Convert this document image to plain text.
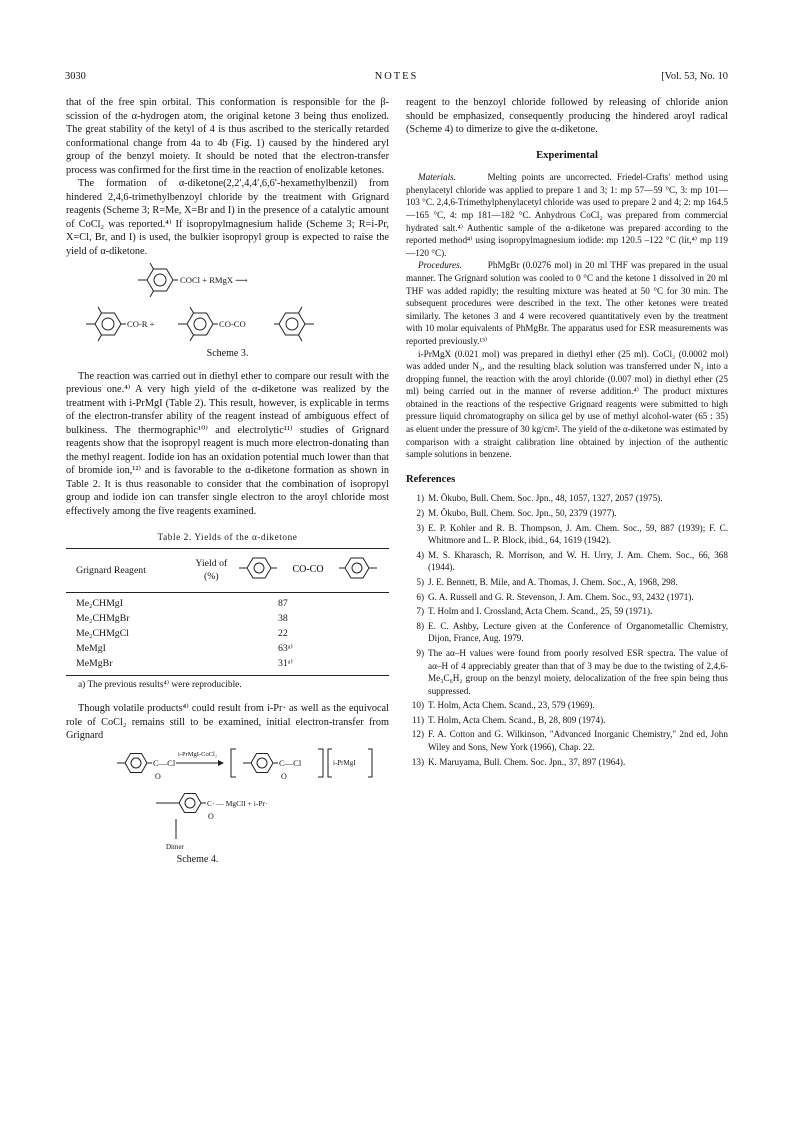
3030	NOTES	[Vol. 53, No. 10

that of the free spin orbital. This conformation is responsible for the β-scission of the α-hydrogen atom, the original ketone 3 being thus enolized. The great stability of the ketyl of 4 is thus ascribed to the sterically retarded conformational change from 4a to 4b (Fig. 1) caused by the hindered aryl group of the benzyl moiety. It should be noted that the electron-transfer process was confirmed for the first time in the reaction of enolizable ketones.

The formation of α-diketone(2,2′,4,4′,6,6′-hexamethylbenzil) from hindered 2,4,6-trimethylbenzoyl chloride by the treatment with Grignard reagents (Scheme 3; R=Me, X=Br and I) in the presence of a catalytic amount of CoCl₂ was reported.⁴⁾ If isopropylmagnesium halide (Scheme 3; R=i-Pr, X=Cl, Br, and I) is used, the bulkier isopropyl group is expected to raise the yield of α-diketone.

COCl + RMgX ⟶
CO-R +	CO-CO
Scheme 3.

The reaction was carried out in diethyl ether to compare our result with the previous one.⁴⁾ A very high yield of the α-diketone was realized by the treatment with i-PrMgI (Table 2). This result, however, is explicable in terms of the electron-transfer ability of the reagent instead of ambiguous effect of bulkiness. The thermographic¹⁰⁾ and electrolytic¹¹⁾ studies of Grignard reagents show that the isopropyl reagent is much more electron-donating than the methyl reagent. Iodide ion has an oxidation potential much lower than that of bromide ion,¹²⁾ and is favorable to the α-diketone formation as shown in Table 2. It is thus reasonable to consider that the combination of isopropyl group and iodide ion can transfer single electron to the aroyl chloride most effectively among the five reagents examined.

Table 2. Yields of the α-diketone
Grignard Reagent	Yield of
(%)	CO-CO

Me₂CHMgI		87
Me₂CHMgBr		38
Me₂CHMgCl		22
MeMgI		63ᵃ⁾
MeMgBr		31ᵃ⁾
a) The previous results⁴⁾ were reproducible.

Though volatile products⁴⁾ could result from i-Pr· as well as the equivocal role of CoCl₂ remains still to be examined, initial electron-transfer from Grignard

i-PrMgI-CoCl₂
C—Cl
O
C—Cl
O
i-PrMgI
C· — MgClI + i-Pr·
O
Dimer
Scheme 4.

reagent to the benzoyl chloride followed by releasing of chloride anion should be emphasized, consequently producing the hindered aroyl radical (Scheme 4) to dimerize to give the α-diketone.

Experimental

Materials.	Melting points are uncorrected. Friedel-Crafts' method using phenylacetyl chloride was applied to prepare 1 and 3; 1: mp 57—59 °C, 3: mp 101—103 °C. 2,4,6-Trimethylphenylacetyl chloride was used to prepare 2 and 4; 2: mp 164.5—165 °C, 4: mp 181—182 °C. Anhydrous CoCl₂ was prepared from commercial hydrated salt.⁴⁾ Authentic sample of the α-diketone was prepared according to the reported method⁴⁾ using isopropylmagnesium iodide: mp 120.5 –122 °C (lit,⁴⁾ mp 119—120 °C).

Procedures.	PhMgBr (0.0276 mol) in 20 ml THF was prepared in the usual manner. The Grignard solution was cooled to 0 °C and the ketone 1 dissolved in 20 ml THF was added rapidly; the resulting mixture was heated at 50 °C for 30 min. The subsequent procedures were described in the text. The other ketones were treated similarly. The ketones 3 and 4 were recovered quantitatively even by the treatment with 10 molar equivalents of PhMgBr. The apparatus used for ESR measurements was reported previously.¹³⁾

i-PrMgX (0.021 mol) was prepared in diethyl ether (25 ml). CoCl₂ (0.0002 mol) was added under N₂, and the resulting black solution was transferred under N₂ into a dropping funnel, the reaction with the aroyl chloride (0.007 mol) in diethyl ether (25 ml) being carried out in the manner of reverse addition.⁴⁾ The product mixtures obtained in the reactions of the respective Grignard reagents were submitted to high pressure liquid chromatography on silica gel by use of methyl alcohol-water (65 : 35) as eluent under the pressure of 30 kg/cm². The yield of the α-diketone was estimated by comparison with a straight calibration line obtained by injection of the authentic sample solutions in benzene.

References
1) M. Ōkubo, Bull. Chem. Soc. Jpn., 48, 1057, 1327, 2057 (1975).
2) M. Ōkubo, Bull. Chem. Soc. Jpn., 50, 2379 (1977).
3) E. P. Kohler and R. B. Thompson, J. Am. Chem. Soc., 59, 887 (1939); F. C. Whitmore and L. P. Block, ibid., 64, 1619 (1942).
4) M. S. Kharasch, R. Morrison, and W. H. Urry, J. Am. Chem. Soc., 66, 368 (1944).
5) J. E. Bennett, B. Mile, and A. Thomas, J. Chem. Soc., A, 1968, 298.
6) G. A. Russell and G. R. Stevenson, J. Am. Chem. Soc., 93, 2432 (1971).
7) T. Holm and I. Crossland, Acta Chem. Scand., 25, 59 (1971).
8) E. C. Ashby, Lecture given at the Conference of Organometallic Chemistry, Dijon, France, Aug. 1979.
9) The aα–H values were found from poorly resolved ESR spectra. The value of aα–H of 4 appreciably greater than that of 3 may be due to the twisting of 2,4,6-Me₃C₆H₂ group on the benzyl moiety, delocalization of the free spin being thus suppressed.
10) T. Holm, Acta Chem. Scand., 23, 579 (1969).
11) T. Holm, Acta Chem. Scand., B, 28, 809 (1974).
12) F. A. Cotton and G. Wilkinson, "Advanced Inorganic Chemistry," 2nd ed, John Wiley and Sons, New York (1966), Chap. 22.
13) K. Maruyama, Bull. Chem. Soc. Jpn., 37, 897 (1964).
